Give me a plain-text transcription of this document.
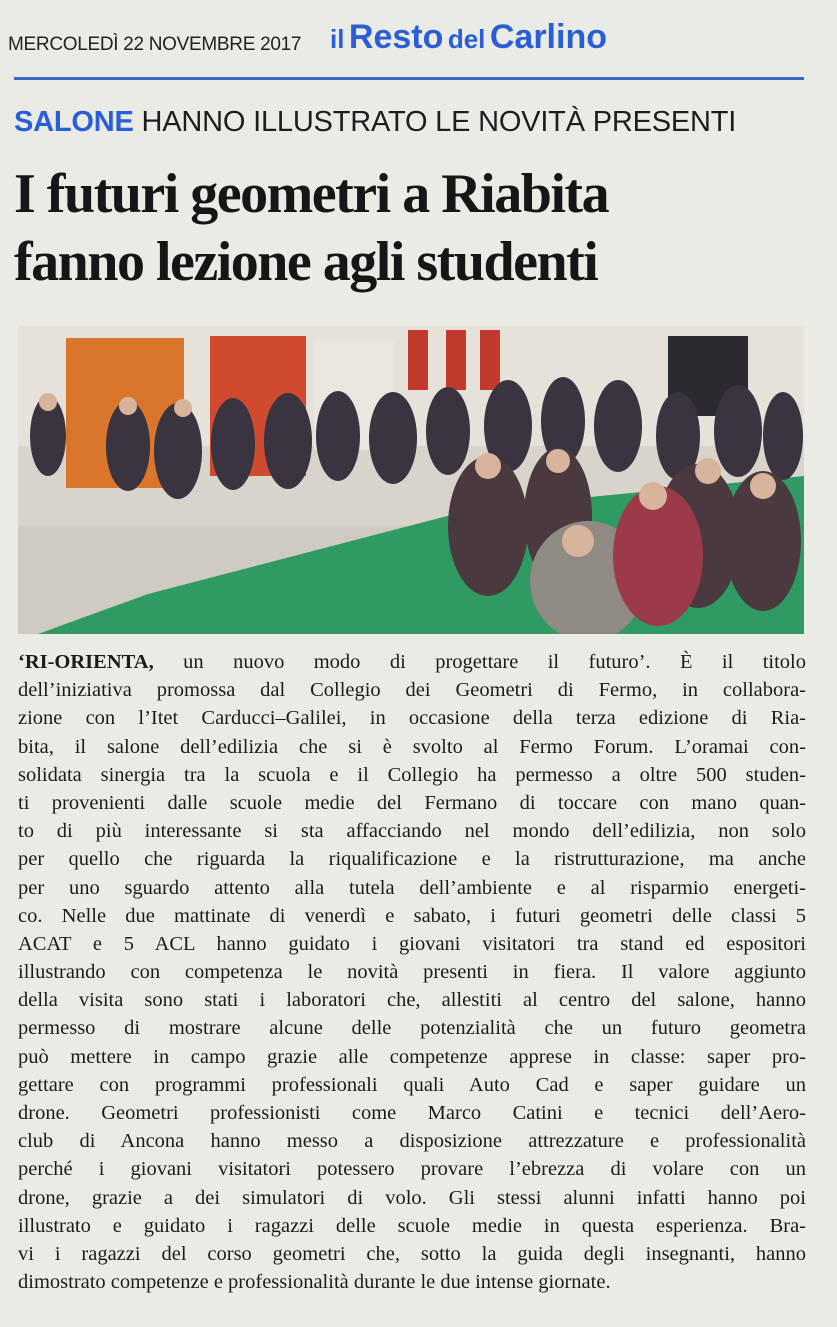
MERCOLEDÌ 22 NOVEMBRE 2017 il Resto del Carlino
SALONE HANNO ILLUSTRATO LE NOVITÀ PRESENTI
I futuri geometri a Riabita
fanno lezione agli studenti
‘RI-ORIENTA, un nuovo modo di progettare il futuro’. È il titolo
dell’iniziativa promossa dal Collegio dei Geometri di Fermo, in collabora-
zione con l’Itet Carducci–Galilei, in occasione della terza edizione di Ria-
bita, il salone dell’edilizia che si è svolto al Fermo Forum. L’oramai con-
solidata sinergia tra la scuola e il Collegio ha permesso a oltre 500 studen-
ti provenienti dalle scuole medie del Fermano di toccare con mano quan-
to di più interessante si sta affacciando nel mondo dell’edilizia, non solo
per quello che riguarda la riqualificazione e la ristrutturazione, ma anche
per uno sguardo attento alla tutela dell’ambiente e al risparmio energeti-
co. Nelle due mattinate di venerdì e sabato, i futuri geometri delle classi 5
ACAT e 5 ACL hanno guidato i giovani visitatori tra stand ed espositori
illustrando con competenza le novità presenti in fiera. Il valore aggiunto
della visita sono stati i laboratori che, allestiti al centro del salone, hanno
permesso di mostrare alcune delle potenzialità che un futuro geometra
può mettere in campo grazie alle competenze apprese in classe: saper pro-
gettare con programmi professionali quali Auto Cad e saper guidare un
drone. Geometri professionisti come Marco Catini e tecnici dell’Aero-
club di Ancona hanno messo a disposizione attrezzature e professionalità
perché i giovani visitatori potessero provare l’ebrezza di volare con un
drone, grazie a dei simulatori di volo. Gli stessi alunni infatti hanno poi
illustrato e guidato i ragazzi delle scuole medie in questa esperienza. Bra-
vi i ragazzi del corso geometri che, sotto la guida degli insegnanti, hanno
dimostrato competenze e professionalità durante le due intense giornate.
